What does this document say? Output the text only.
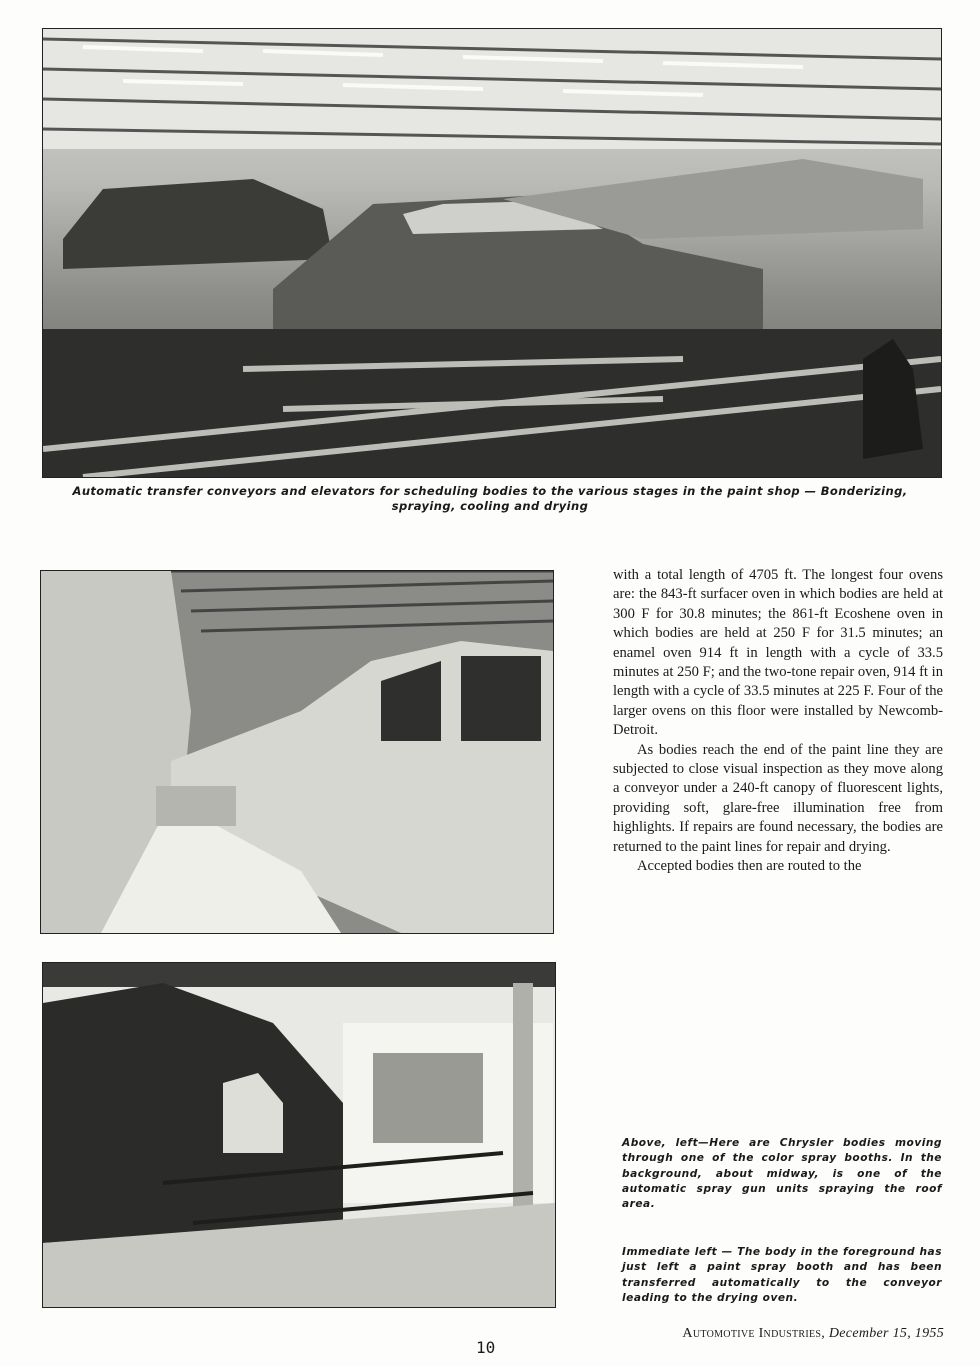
Automatic transfer conveyors and elevators for scheduling bodies to the various stages in the paint shop — Bonderizing, spraying, cooling and drying

with a total length of 4705 ft. The longest four ovens are: the 843-ft surfacer oven in which bodies are held at 300 F for 30.8 minutes; the 861-ft Ecoshene oven in which bodies are held at 250 F for 31.5 minutes; an enamel oven 914 ft in length with a cycle of 33.5 minutes at 250 F; and the two-tone repair oven, 914 ft in length with a cycle of 33.5 minutes at 225 F. Four of the larger ovens on this floor were installed by Newcomb-Detroit.

As bodies reach the end of the paint line they are subjected to close visual inspection as they move along a conveyor under a 240-ft canopy of fluorescent lights, providing soft, glare-free illumination free from highlights. If repairs are found necessary, the bodies are returned to the paint lines for repair and drying.

Accepted bodies then are routed to the

Above, left—Here are Chrysler bodies moving through one of the color spray booths. In the background, about midway, is one of the automatic spray gun units spraying the roof area.
Immediate left — The body in the foreground has just left a paint spray booth and has been transferred automatically to the conveyor leading to the drying oven.
10
Automotive Industries, December 15, 1955
